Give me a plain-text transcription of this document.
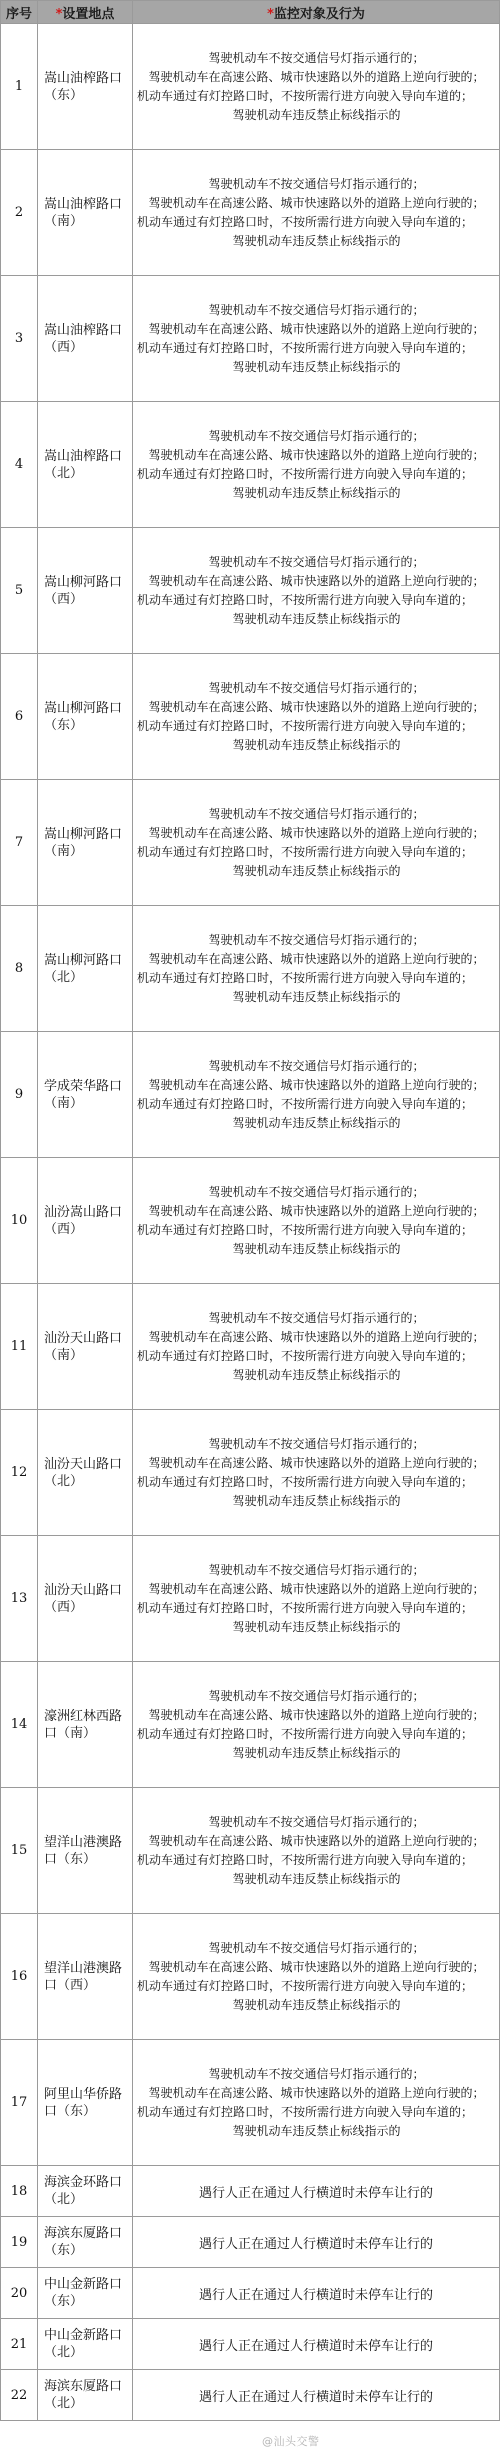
序号	*设置地点	*监控对象及行为
1	嵩山油榨路口（东）	驾驶机动车不按交通信号灯指示通行的；
驾驶机动车在高速公路、城市快速路以外的道路上逆向行驶的；
机动车通过有灯控路口时，不按所需行进方向驶入导向车道的；
驾驶机动车违反禁止标线指示的

2	嵩山油榨路口（南）	驾驶机动车不按交通信号灯指示通行的；
驾驶机动车在高速公路、城市快速路以外的道路上逆向行驶的；
机动车通过有灯控路口时，不按所需行进方向驶入导向车道的；
驾驶机动车违反禁止标线指示的

3	嵩山油榨路口（西）	驾驶机动车不按交通信号灯指示通行的；
驾驶机动车在高速公路、城市快速路以外的道路上逆向行驶的；
机动车通过有灯控路口时，不按所需行进方向驶入导向车道的；
驾驶机动车违反禁止标线指示的

4	嵩山油榨路口（北）	驾驶机动车不按交通信号灯指示通行的；
驾驶机动车在高速公路、城市快速路以外的道路上逆向行驶的；
机动车通过有灯控路口时，不按所需行进方向驶入导向车道的；
驾驶机动车违反禁止标线指示的

5	嵩山柳河路口（西）	驾驶机动车不按交通信号灯指示通行的；
驾驶机动车在高速公路、城市快速路以外的道路上逆向行驶的；
机动车通过有灯控路口时，不按所需行进方向驶入导向车道的；
驾驶机动车违反禁止标线指示的

6	嵩山柳河路口（东）	驾驶机动车不按交通信号灯指示通行的；
驾驶机动车在高速公路、城市快速路以外的道路上逆向行驶的；
机动车通过有灯控路口时，不按所需行进方向驶入导向车道的；
驾驶机动车违反禁止标线指示的

7	嵩山柳河路口（南）	驾驶机动车不按交通信号灯指示通行的；
驾驶机动车在高速公路、城市快速路以外的道路上逆向行驶的；
机动车通过有灯控路口时，不按所需行进方向驶入导向车道的；
驾驶机动车违反禁止标线指示的

8	嵩山柳河路口（北）	驾驶机动车不按交通信号灯指示通行的；
驾驶机动车在高速公路、城市快速路以外的道路上逆向行驶的；
机动车通过有灯控路口时，不按所需行进方向驶入导向车道的；
驾驶机动车违反禁止标线指示的

9	学成荣华路口（南）	驾驶机动车不按交通信号灯指示通行的；
驾驶机动车在高速公路、城市快速路以外的道路上逆向行驶的；
机动车通过有灯控路口时，不按所需行进方向驶入导向车道的；
驾驶机动车违反禁止标线指示的

10	汕汾嵩山路口（西）	驾驶机动车不按交通信号灯指示通行的；
驾驶机动车在高速公路、城市快速路以外的道路上逆向行驶的；
机动车通过有灯控路口时，不按所需行进方向驶入导向车道的；
驾驶机动车违反禁止标线指示的

11	汕汾天山路口（南）	驾驶机动车不按交通信号灯指示通行的；
驾驶机动车在高速公路、城市快速路以外的道路上逆向行驶的；
机动车通过有灯控路口时，不按所需行进方向驶入导向车道的；
驾驶机动车违反禁止标线指示的

12	汕汾天山路口（北）	驾驶机动车不按交通信号灯指示通行的；
驾驶机动车在高速公路、城市快速路以外的道路上逆向行驶的；
机动车通过有灯控路口时，不按所需行进方向驶入导向车道的；
驾驶机动车违反禁止标线指示的

13	汕汾天山路口（西）	驾驶机动车不按交通信号灯指示通行的；
驾驶机动车在高速公路、城市快速路以外的道路上逆向行驶的；
机动车通过有灯控路口时，不按所需行进方向驶入导向车道的；
驾驶机动车违反禁止标线指示的

14	濠洲红林西路口（南）	驾驶机动车不按交通信号灯指示通行的；
驾驶机动车在高速公路、城市快速路以外的道路上逆向行驶的；
机动车通过有灯控路口时，不按所需行进方向驶入导向车道的；
驾驶机动车违反禁止标线指示的

15	望洋山港澳路口（东）	驾驶机动车不按交通信号灯指示通行的；
驾驶机动车在高速公路、城市快速路以外的道路上逆向行驶的；
机动车通过有灯控路口时，不按所需行进方向驶入导向车道的；
驾驶机动车违反禁止标线指示的

16	望洋山港澳路口（西）	驾驶机动车不按交通信号灯指示通行的；
驾驶机动车在高速公路、城市快速路以外的道路上逆向行驶的；
机动车通过有灯控路口时，不按所需行进方向驶入导向车道的；
驾驶机动车违反禁止标线指示的

17	阿里山华侨路口（东）	驾驶机动车不按交通信号灯指示通行的；
驾驶机动车在高速公路、城市快速路以外的道路上逆向行驶的；
机动车通过有灯控路口时，不按所需行进方向驶入导向车道的；
驾驶机动车违反禁止标线指示的

18	海滨金环路口（北）	遇行人正在通过人行横道时未停车让行的
19	海滨东厦路口（东）	遇行人正在通过人行横道时未停车让行的
20	中山金新路口（东）	遇行人正在通过人行横道时未停车让行的
21	中山金新路口（北）	遇行人正在通过人行横道时未停车让行的
22	海滨东厦路口（北）	遇行人正在通过人行横道时未停车让行的
@汕头交警
